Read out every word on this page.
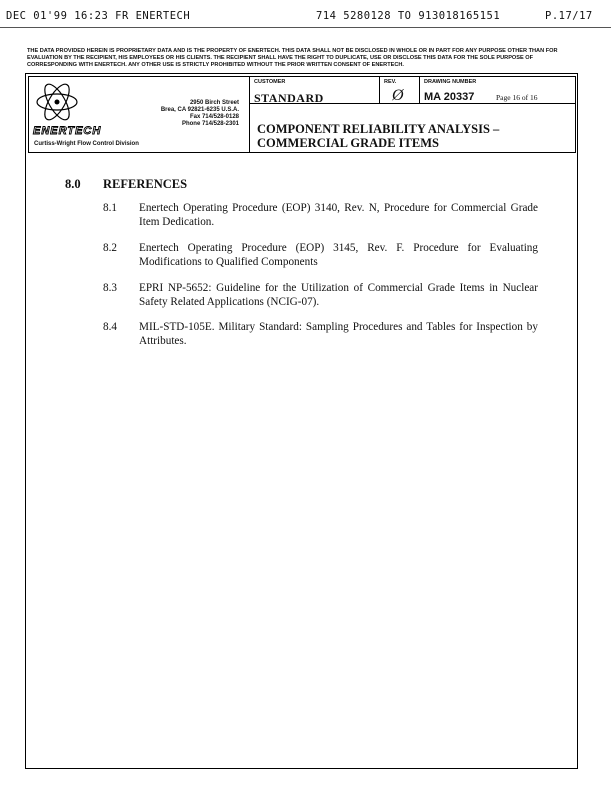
DEC 01'99 16:23 FR ENERTECH	714 5280128 TO 913018165151	P.17/17
THE DATA PROVIDED HEREIN IS PROPRIETARY DATA AND IS THE PROPERTY OF ENERTECH. THIS DATA SHALL NOT BE DISCLOSED IN WHOLE OR IN PART FOR ANY PURPOSE OTHER THAN FOR EVALUATION BY THE RECIPIENT, HIS EMPLOYEES OR HIS CLIENTS. THE RECIPIENT SHALL HAVE THE RIGHT TO DUPLICATE, USE OR DISCLOSE THIS DATA FOR THE SOLE PURPOSE OF CORRESPONDING WITH ENERTECH. ANY OTHER USE IS STRICTLY PROHIBITED WITHOUT THE PRIOR WRITTEN CONSENT OF ENERTECH.
2950 Birch Street
Brea, CA 92821-6235 U.S.A.
Fax 714/528-0128
Phone 714/528-2301
ENERTECH
Curtiss-Wright Flow Control Division
CUSTOMER
STANDARD
REV.
Ø
DRAWING NUMBER
MA 20337	Page 16 of 16
COMPONENT RELIABILITY ANALYSIS –
COMMERCIAL GRADE ITEMS
8.0 REFERENCES
8.1 Enertech Operating Procedure (EOP) 3140, Rev. N, Procedure for Commercial Grade Item Dedication.
8.2 Enertech Operating Procedure (EOP) 3145, Rev. F. Procedure for Evaluating Modifications to Qualified Components
8.3 EPRI NP-5652: Guideline for the Utilization of Commercial Grade Items in Nuclear Safety Related Applications (NCIG-07).
8.4 MIL-STD-105E. Military Standard: Sampling Procedures and Tables for Inspection by Attributes.
